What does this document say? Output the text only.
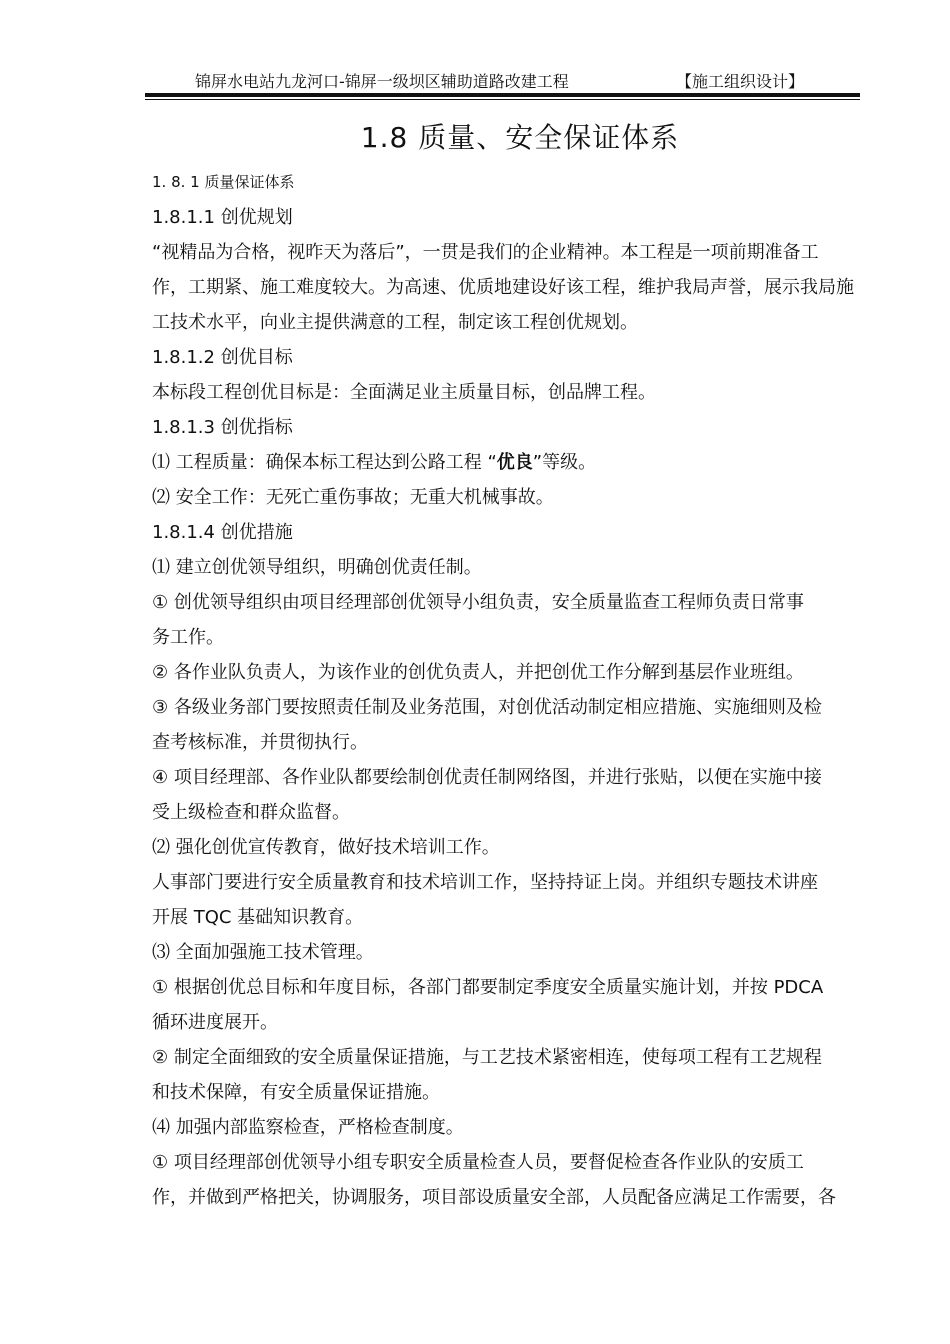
锦屏水电站九龙河口-锦屏一级坝区辅助道路改建工程	【施工组织设计】
1.8 质量、安全保证体系

1. 8. 1 质量保证体系

1.8.1.1 创优规划

“视精品为合格，视昨天为落后”，一贯是我们的企业精神。本工程是一项前期准备工

作，工期紧、施工难度较大。为高速、优质地建设好该工程，维护我局声誉，展示我局施

工技术水平，向业主提供满意的工程，制定该工程创优规划。

1.8.1.2 创优目标

本标段工程创优目标是：全面满足业主质量目标，创品牌工程。

1.8.1.3 创优指标

⑴ 工程质量：确保本标工程达到公路工程 “优良”等级。

⑵ 安全工作：无死亡重伤事故；无重大机械事故。

1.8.1.4 创优措施

⑴ 建立创优领导组织，明确创优责任制。

① 创优领导组织由项目经理部创优领导小组负责，安全质量监查工程师负责日常事

务工作。

② 各作业队负责人，为该作业的创优负责人，并把创优工作分解到基层作业班组。

③ 各级业务部门要按照责任制及业务范围，对创优活动制定相应措施、实施细则及检

查考核标准，并贯彻执行。

④ 项目经理部、各作业队都要绘制创优责任制网络图，并进行张贴，以便在实施中接

受上级检查和群众监督。

⑵ 强化创优宣传教育，做好技术培训工作。

人事部门要进行安全质量教育和技术培训工作，坚持持证上岗。并组织专题技术讲座

开展 TQC 基础知识教育。

⑶ 全面加强施工技术管理。

① 根据创优总目标和年度目标，各部门都要制定季度安全质量实施计划，并按 PDCA

循环进度展开。

② 制定全面细致的安全质量保证措施，与工艺技术紧密相连，使每项工程有工艺规程

和技术保障，有安全质量保证措施。

⑷ 加强内部监察检查，严格检查制度。

① 项目经理部创优领导小组专职安全质量检查人员，要督促检查各作业队的安质工

作，并做到严格把关，协调服务，项目部设质量安全部，人员配备应满足工作需要，各
